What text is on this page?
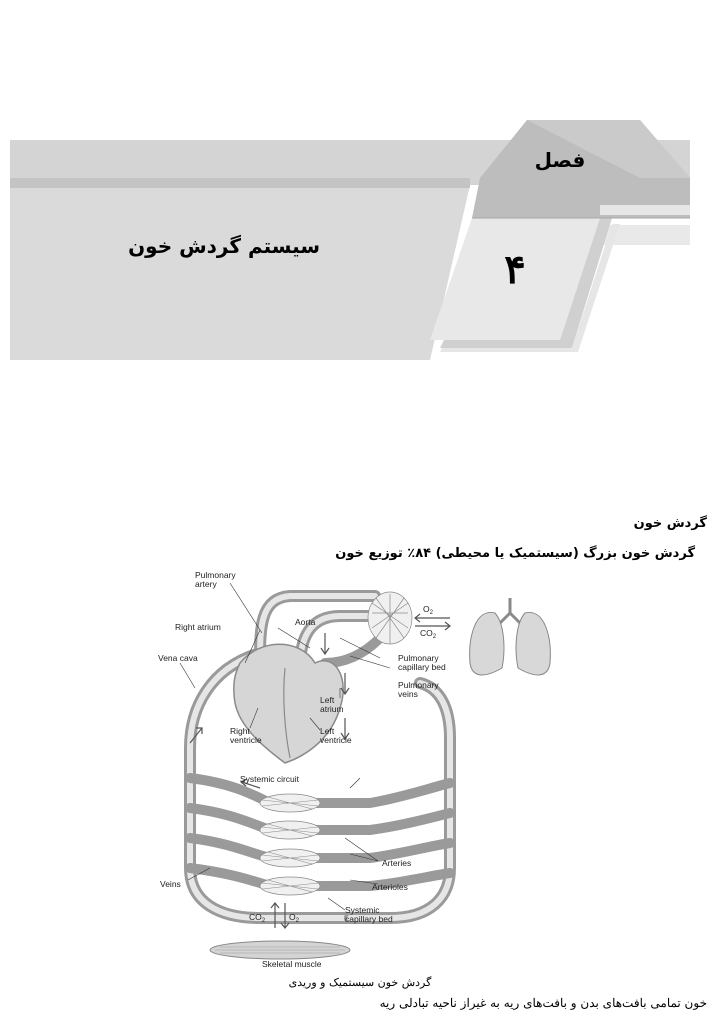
فصل
۴
سیستم گردش خون
گردش خون
گردش خون بزرگ (سیستمیک یا محیطی) ۸۴٪ توزیع خون
Pulmonary
artery
Aorta
Right atrium
Vena cava	Pulmonary
capillary bed
Pulmonary
veins
Left
atrium
Right
ventricle
Left
ventricle
Systemic circuit
Arteries
Veins	Arterioles
Systemic
capillary bed
Skeletal muscle
$O_2$
$CO_2$
$CO_2$	$O_2$
گردش خون سیستمیک و وریدی
خون تمامی بافت‌های بدن و بافت‌های ریه به غیراز ناحیه تبادلی ریه
